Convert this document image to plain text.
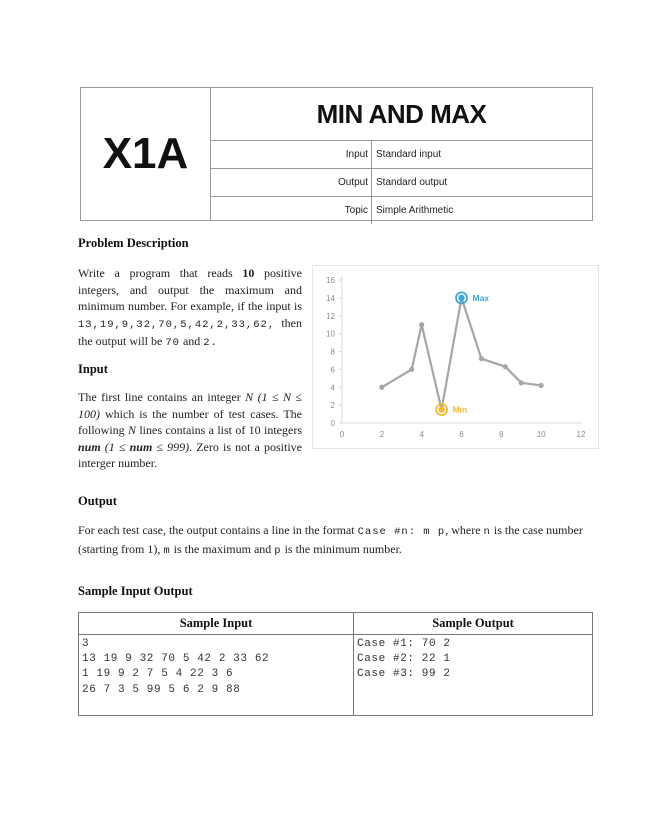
X1A
MIN AND MAX
Input Standard input
Output Standard output
Topic Simple Arithmetic
Problem Description
Write a program that reads 10 positive integers, and output the maximum and minimum number. For example, if the input is 13,19,9,32,70,5,42,2,33,62, then the output will be 70 and 2.
Input
The first line contains an integer N (1 ≤ N ≤ 100) which is the number of test cases. The following N lines contains a list of 10 integers num (1 ≤ num ≤ 999). Zero is not a positive interger number.
0
2
4
6
8
10
12
14
16
0	2	4	6	8	10	12
Max
Min
Output
For each test case, the output contains a line in the format Case #n: m p, where n is the case number (starting from 1), m is the maximum and p is the minimum number.
Sample Input Output
Sample Input
3
13 19 9 32 70 5 42 2 33 62
1 19 9 2 7 5 4 22 3 6
26 7 3 5 99 5 6 2 9 88
Sample Output
Case #1: 70 2
Case #2: 22 1
Case #3: 99 2
